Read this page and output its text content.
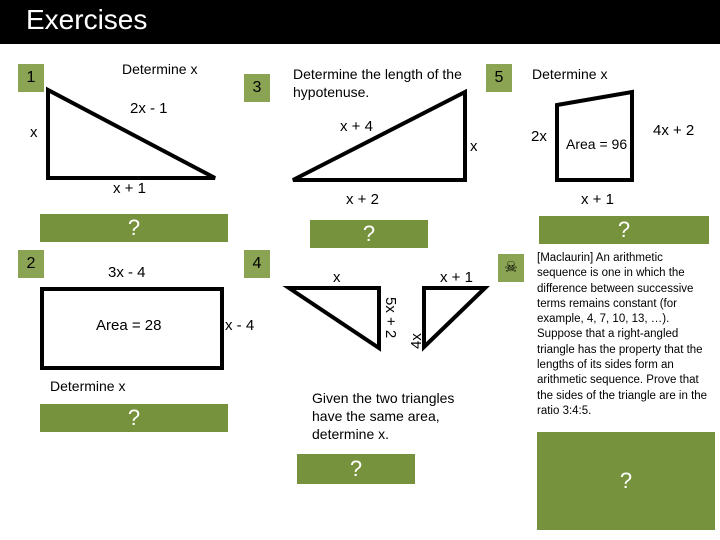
Exercises
1	Determine x
2x - 1
x
x + 1
?
2
3x - 4
Area = 28	x - 4
Determine x
?
3
Determine the length of the hypotenuse.
x + 4
x
x + 2
?
4
x
5x + 2
x + 1
4x
Given the two triangles have the same area, determine x.
?
5	Determine x
2x Area = 96
4x + 2
x + 1
?
☠
[Maclaurin] An arithmetic sequence is one in which the difference between successive terms remains constant (for example, 4, 7, 10, 13, …). Suppose that a right-angled triangle has the property that the lengths of its sides form an arithmetic sequence. Prove that the sides of the triangle are in the ratio 3:4:5.
?
